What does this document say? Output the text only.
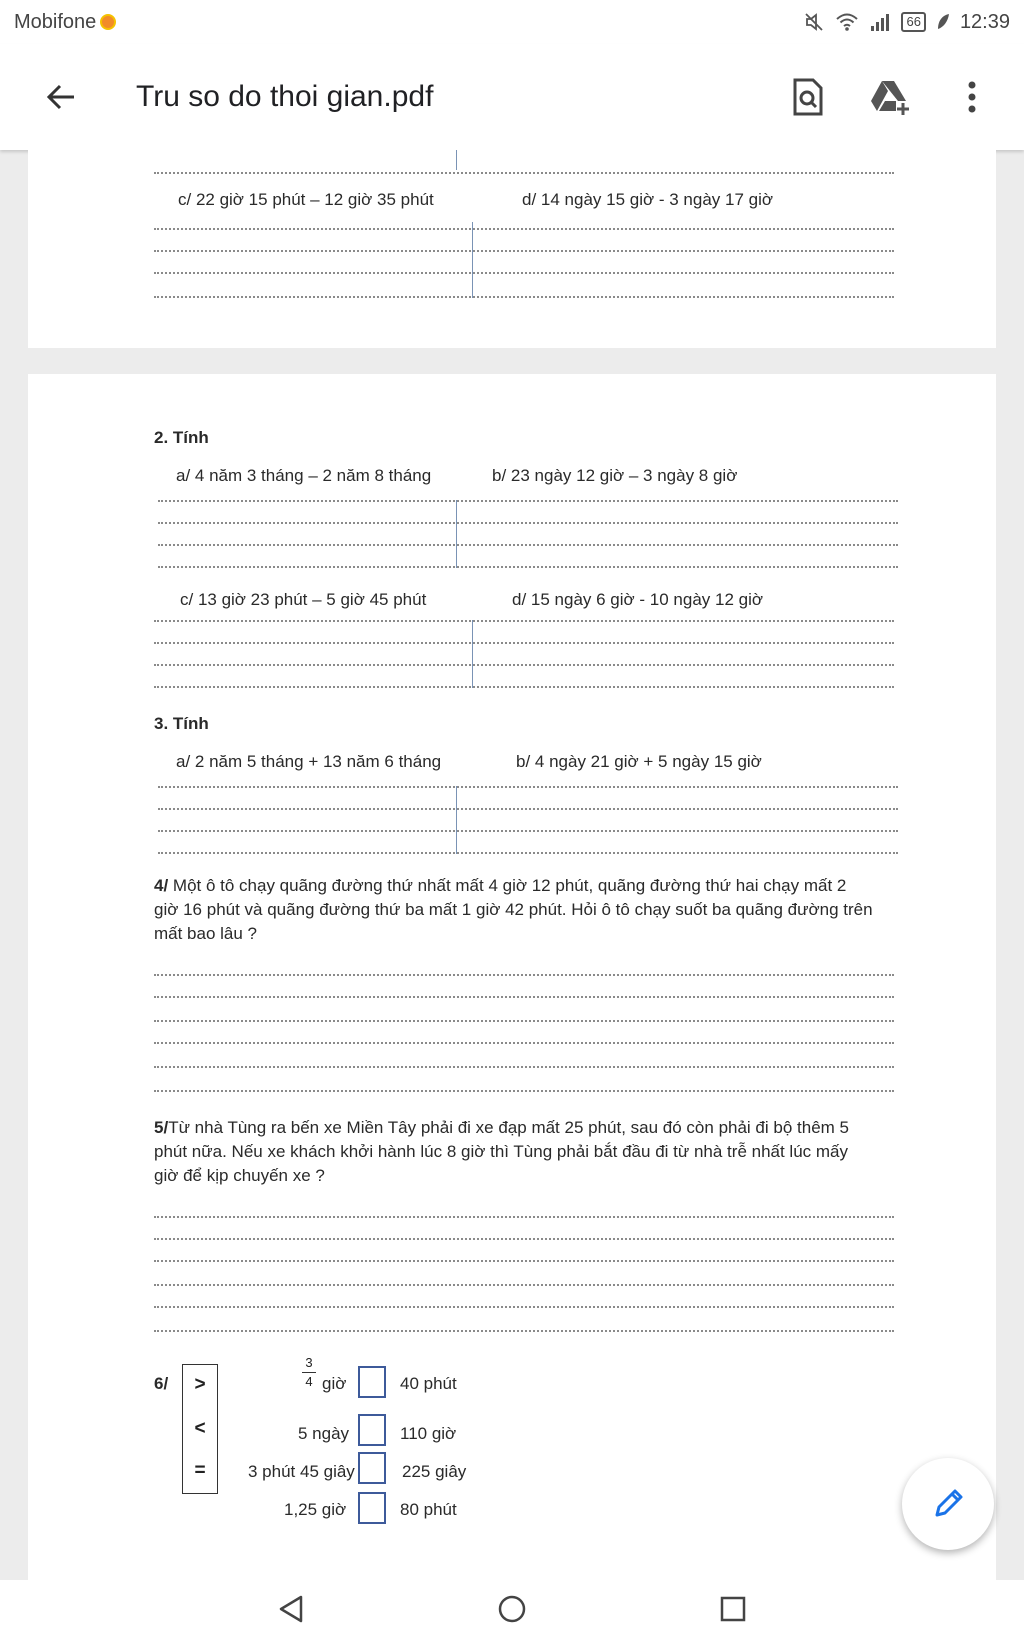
Mobifone	66 12:39
Tru so do thoi gian.pdf
c/ 22 giờ 15 phút – 12 giờ 35 phút	d/ 14 ngày 15 giờ - 3 ngày 17 giờ
2. Tính
a/ 4 năm 3 tháng – 2 năm 8 tháng	b/ 23 ngày 12 giờ – 3 ngày 8 giờ
c/ 13 giờ 23 phút – 5 giờ 45 phút	d/ 15 ngày 6 giờ - 10 ngày 12 giờ
3. Tính
a/ 2 năm 5 tháng + 13 năm 6 tháng	b/ 4 ngày 21 giờ + 5 ngày 15 giờ
4/ Một ô tô chạy quãng đường thứ nhất mất 4 giờ 12 phút, quãng đường thứ hai chạy mất 2 giờ 16 phút và quãng đường thứ ba mất 1 giờ 42 phút. Hỏi ô tô chạy suốt ba quãng đường trên mất bao lâu ?
5/Từ nhà Tùng ra bến xe Miền Tây phải đi xe đạp mất 25 phút, sau đó còn phải đi bộ thêm 5 phút nữa. Nếu xe khách khởi hành lúc 8 giờ thì Tùng phải bắt đầu đi từ nhà trễ nhất lúc mấy giờ để kịp chuyến xe ?
6/	>
<
=
3
4 giờ	40 phút
5 ngày	110 giờ
3 phút 45 giây	225 giây
1,25 giờ	80 phút
